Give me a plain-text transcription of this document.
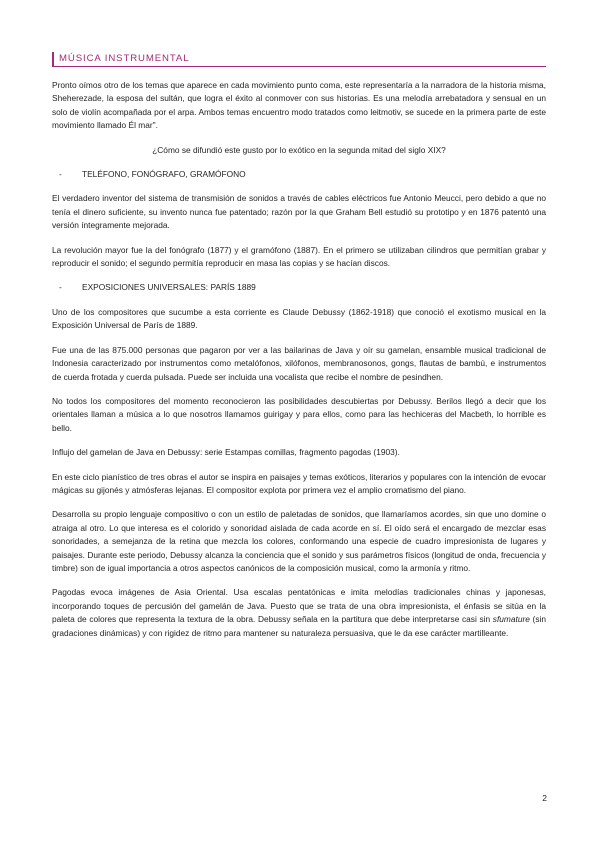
MÚSICA INSTRUMENTAL

Pronto oímos otro de los temas que aparece en cada movimiento punto coma, este representaría a la narradora de la historia misma, Sheherezade, la esposa del sultán, que logra el éxito al conmover con sus historias. Es una melodía arrebatadora y sensual en un solo de violín acompañada por el arpa. Ambos temas encuentro modo tratados como leitmotiv, se sucede en la primera parte de este movimiento llamado Él mar".

¿Cómo se difundió este gusto por lo exótico en la segunda mitad del siglo XIX?

-	TELÉFONO, FONÓGRAFO, GRAMÓFONO

El verdadero inventor del sistema de transmisión de sonidos a través de cables eléctricos fue Antonio Meucci, pero debido a que no tenía el dinero suficiente, su invento nunca fue patentado; razón por la que Graham Bell estudió su prototipo y en 1876 patentó una versión íntegramente mejorada.

La revolución mayor fue la del fonógrafo (1877) y el gramófono (1887). En el primero se utilizaban cilindros que permitían grabar y reproducir el sonido; el segundo permitía reproducir en masa las copias y se hacían discos.

-	EXPOSICIONES UNIVERSALES: PARÍS 1889

Uno de los compositores que sucumbe a esta corriente es Claude Debussy (1862-1918) que conoció el exotismo musical en la Exposición Universal de París de 1889.

Fue una de las 875.000 personas que pagaron por ver a las bailarinas de Java y oír su gamelan, ensamble musical tradicional de Indonesia caracterizado por instrumentos como metalófonos, xilófonos, membranosonos, gongs, flautas de bambú, e instrumentos de cuerda frotada y cuerda pulsada. Puede ser incluida una vocalista que recibe el nombre de pesindhen.

No todos los compositores del momento reconocieron las posibilidades descubiertas por Debussy. Berilos llegó a decir que los orientales llaman a música a lo que nosotros llamamos guirigay y para ellos, como para las hechiceras del Macbeth, lo horrible es bello.

Influjo del gamelan de Java en Debussy: serie Estampas comillas, fragmento pagodas (1903).

En este ciclo pianístico de tres obras el autor se inspira en paisajes y temas exóticos, literarios y populares con la intención de evocar mágicas su gijonés y atmósferas lejanas. El compositor explota por primera vez el amplio cromatismo del piano.

Desarrolla su propio lenguaje compositivo o con un estilo de paletadas de sonidos, que llamaríamos acordes, sin que uno domine o atraiga al otro. Lo que interesa es el colorido y sonoridad aislada de cada acorde en sí. El oído será el encargado de mezclar esas sonoridades, a semejanza de la retina que mezcla los colores, conformando una especie de cuadro impresionista de lugares y paisajes. Durante este periodo, Debussy alcanza la conciencia que el sonido y sus parámetros físicos (longitud de onda, frecuencia y timbre) son de igual importancia a otros aspectos canónicos de la composición musical, como la armonía y ritmo.

Pagodas evoca imágenes de Asia Oriental. Usa escalas pentatónicas e imita melodías tradicionales chinas y japonesas, incorporando toques de percusión del gamelán de Java. Puesto que se trata de una obra impresionista, el énfasis se sitúa en la paleta de colores que representa la textura de la obra. Debussy señala en la partitura que debe interpretarse casi sin sfumature (sin gradaciones dinámicas) y con rigidez de ritmo para mantener su naturaleza persuasiva, que le da ese carácter martilleante.

2
